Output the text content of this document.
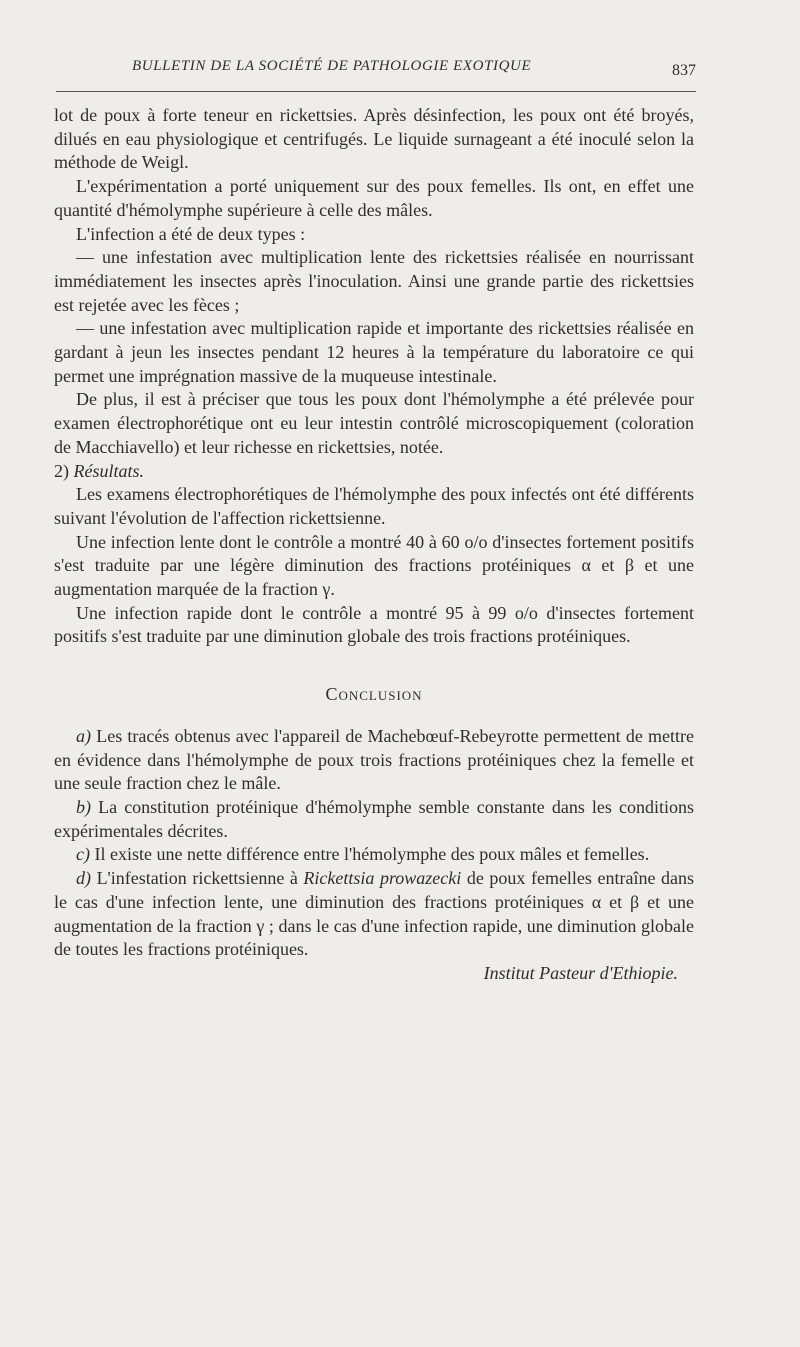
BULLETIN DE LA SOCIÉTÉ DE PATHOLOGIE EXOTIQUE	837

lot de poux à forte teneur en rickettsies. Après désinfection, les poux ont été broyés, dilués en eau physiologique et centrifugés. Le liquide surnageant a été inoculé selon la méthode de Weigl.

L'expérimentation a porté uniquement sur des poux femelles. Ils ont, en effet une quantité d'hémolymphe supérieure à celle des mâles.

L'infection a été de deux types :

— une infestation avec multiplication lente des rickettsies réalisée en nourrissant immédiatement les insectes après l'inoculation. Ainsi une grande partie des rickettsies est rejetée avec les fèces ;

— une infestation avec multiplication rapide et importante des rickettsies réalisée en gardant à jeun les insectes pendant 12 heures à la température du laboratoire ce qui permet une imprégnation massive de la muqueuse intestinale.

De plus, il est à préciser que tous les poux dont l'hémolymphe a été prélevée pour examen électrophorétique ont eu leur intestin contrôlé microscopiquement (coloration de Macchiavello) et leur richesse en rickettsies, notée.

2) Résultats.

Les examens électrophorétiques de l'hémolymphe des poux infectés ont été différents suivant l'évolution de l'affection rickettsienne.

Une infection lente dont le contrôle a montré 40 à 60 o/o d'insectes fortement positifs s'est traduite par une légère diminution des fractions protéiniques α et β et une augmentation marquée de la fraction γ.

Une infection rapide dont le contrôle a montré 95 à 99 o/o d'insectes fortement positifs s'est traduite par une diminution globale des trois fractions protéiniques.

Conclusion

a) Les tracés obtenus avec l'appareil de Machebœuf-Rebeyrotte permettent de mettre en évidence dans l'hémolymphe de poux trois fractions protéiniques chez la femelle et une seule fraction chez le mâle.

b) La constitution protéinique d'hémolymphe semble constante dans les conditions expérimentales décrites.

c) Il existe une nette différence entre l'hémolymphe des poux mâles et femelles.

d) L'infestation rickettsienne à Rickettsia prowazecki de poux femelles entraîne dans le cas d'une infection lente, une diminution des fractions protéiniques α et β et une augmentation de la fraction γ ; dans le cas d'une infection rapide, une diminution globale de toutes les fractions protéiniques.

Institut Pasteur d'Ethiopie.
